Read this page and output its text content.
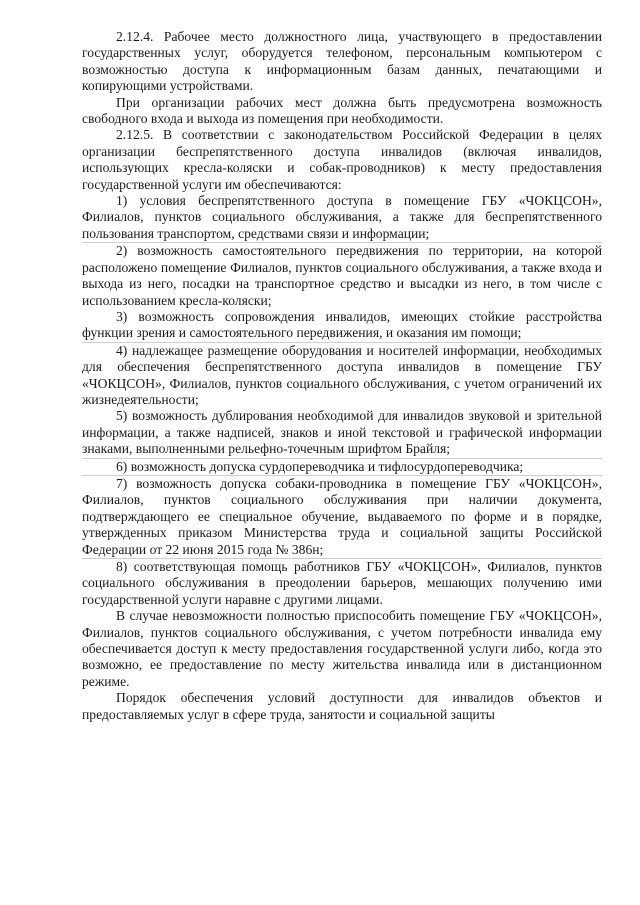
2.12.4. Рабочее место должностного лица, участвующего в предоставлении государственных услуг, оборудуется телефоном, персональным компьютером с возможностью доступа к информационным базам данных, печатающими и копирующими устройствами.

При организации рабочих мест должна быть предусмотрена возможность свободного входа и выхода из помещения при необходимости.

2.12.5. В соответствии с законодательством Российской Федерации в целях организации беспрепятственного доступа инвалидов (включая инвалидов, использующих кресла-коляски и собак-проводников) к месту предоставления государственной услуги им обеспечиваются:

1) условия беспрепятственного доступа в помещение ГБУ «ЧОКЦСОН», Филиалов, пунктов социального обслуживания, а также для беспрепятственного пользования транспортом, средствами связи и информации;

2) возможность самостоятельного передвижения по территории, на которой расположено помещение Филиалов, пунктов социального обслуживания, а также входа и выхода из него, посадки на транспортное средство и высадки из него, в том числе с использованием кресла-коляски;

3) возможность сопровождения инвалидов, имеющих стойкие расстройства функции зрения и самостоятельного передвижения, и оказания им помощи;

4) надлежащее размещение оборудования и носителей информации, необходимых для обеспечения беспрепятственного доступа инвалидов в помещение ГБУ «ЧОКЦСОН», Филиалов, пунктов социального обслуживания, с учетом ограничений их жизнедеятельности;

5) возможность дублирования необходимой для инвалидов звуковой и зрительной информации, а также надписей, знаков и иной текстовой и графической информации знаками, выполненными рельефно-точечным шрифтом Брайля;

6) возможность допуска сурдопереводчика и тифлосурдопереводчика;

7) возможность допуска собаки-проводника в помещение ГБУ «ЧОКЦСОН», Филиалов, пунктов социального обслуживания при наличии документа, подтверждающего ее специальное обучение, выдаваемого по форме и в порядке, утвержденных приказом Министерства труда и социальной защиты Российской Федерации от 22 июня 2015 года № 386н;

8) соответствующая помощь работников ГБУ «ЧОКЦСОН», Филиалов, пунктов социального обслуживания в преодолении барьеров, мешающих получению ими государственной услуги наравне с другими лицами.

В случае невозможности полностью приспособить помещение ГБУ «ЧОКЦСОН», Филиалов, пунктов социального обслуживания, с учетом потребности инвалида ему обеспечивается доступ к месту предоставления государственной услуги либо, когда это возможно, ее предоставление по месту жительства инвалида или в дистанционном режиме.

Порядок обеспечения условий доступности для инвалидов объектов и предоставляемых услуг в сфере труда, занятости и социальной защиты
